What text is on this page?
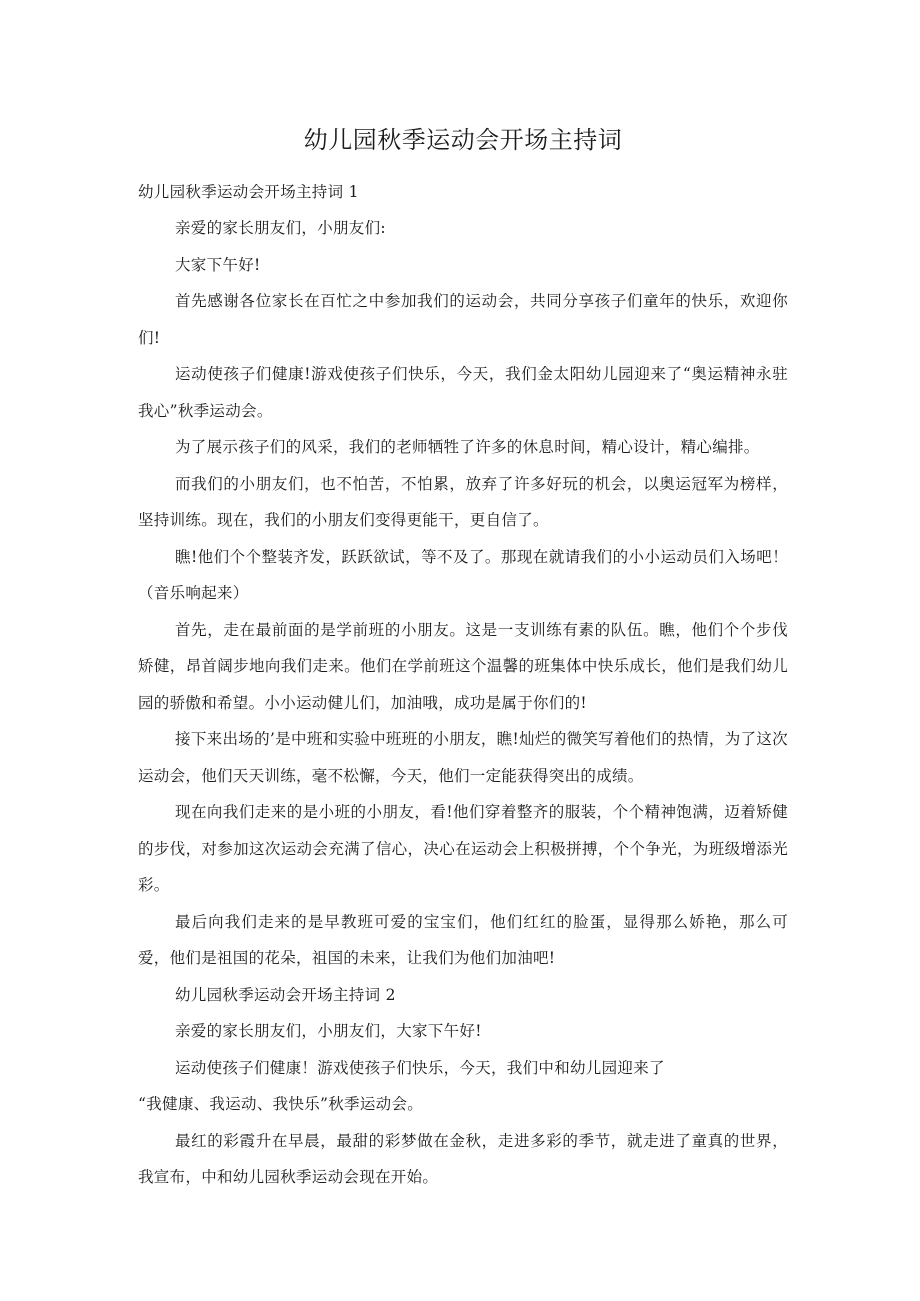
幼儿园秋季运动会开场主持词
幼儿园秋季运动会开场主持词 1

亲爱的家长朋友们，小朋友们:

大家下午好!

首先感谢各位家长在百忙之中参加我们的运动会，共同分享孩子们童年的快乐，欢迎你们!

运动使孩子们健康!游戏使孩子们快乐，今天，我们金太阳幼儿园迎来了“奥运精神永驻我心”秋季运动会。

为了展示孩子们的风采，我们的老师牺牲了许多的休息时间，精心设计，精心编排。

而我们的小朋友们，也不怕苦，不怕累，放弃了许多好玩的机会，以奥运冠军为榜样，坚持训练。现在，我们的小朋友们变得更能干，更自信了。

瞧!他们个个整装齐发，跃跃欲试，等不及了。那现在就请我们的小小运动员们入场吧！（音乐响起来）

首先，走在最前面的是学前班的小朋友。这是一支训练有素的队伍。瞧，他们个个步伐矫健，昂首阔步地向我们走来。他们在学前班这个温馨的班集体中快乐成长，他们是我们幼儿园的骄傲和希望。小小运动健儿们，加油哦，成功是属于你们的!

接下来出场的’是中班和实验中班班的小朋友，瞧!灿烂的微笑写着他们的热情，为了这次运动会，他们天天训练，毫不松懈，今天，他们一定能获得突出的成绩。

现在向我们走来的是小班的小朋友，看!他们穿着整齐的服装，个个精神饱满，迈着矫健的步伐，对参加这次运动会充满了信心，决心在运动会上积极拼搏，个个争光，为班级增添光彩。

最后向我们走来的是早教班可爱的宝宝们，他们红红的脸蛋，显得那么娇艳，那么可爱，他们是祖国的花朵，祖国的未来，让我们为他们加油吧!

幼儿园秋季运动会开场主持词 2

亲爱的家长朋友们，小朋友们，大家下午好!

运动使孩子们健康！游戏使孩子们快乐，今天，我们中和幼儿园迎来了

“我健康、我运动、我快乐”秋季运动会。

最红的彩霞升在早晨，最甜的彩梦做在金秋，走进多彩的季节，就走进了童真的世界，我宣布，中和幼儿园秋季运动会现在开始。
